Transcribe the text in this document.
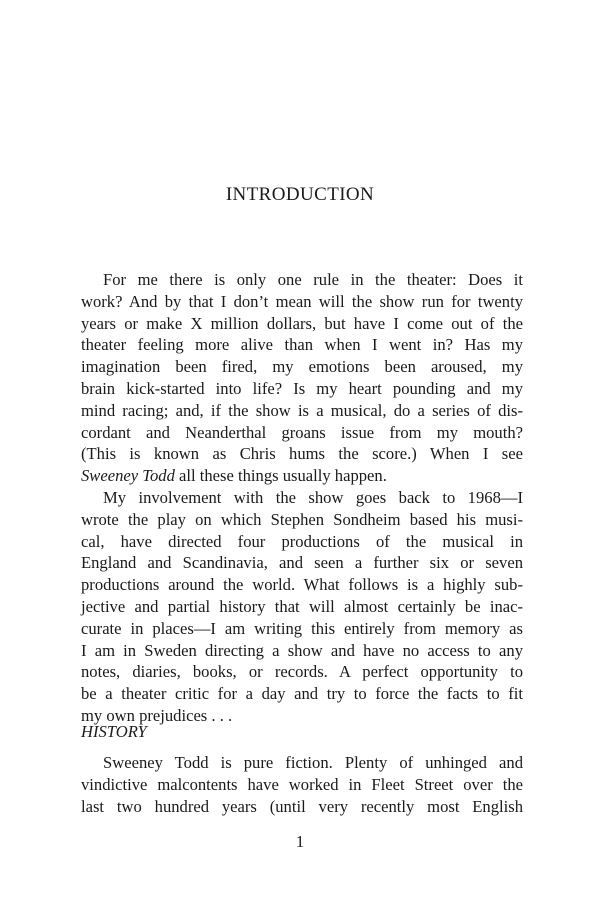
INTRODUCTION
For me there is only one rule in the theater: Does it
work? And by that I don’t mean will the show run for twenty
years or make X million dollars, but have I come out of the
theater feeling more alive than when I went in? Has my
imagination been fired, my emotions been aroused, my
brain kick-started into life? Is my heart pounding and my
mind racing; and, if the show is a musical, do a series of dis-
cordant and Neanderthal groans issue from my mouth?
(This is known as Chris hums the score.) When I see
Sweeney Todd all these things usually happen.
My involvement with the show goes back to 1968—I
wrote the play on which Stephen Sondheim based his musi-
cal, have directed four productions of the musical in
England and Scandinavia, and seen a further six or seven
productions around the world. What follows is a highly sub-
jective and partial history that will almost certainly be inac-
curate in places—I am writing this entirely from memory as
I am in Sweden directing a show and have no access to any
notes, diaries, books, or records. A perfect opportunity to
be a theater critic for a day and try to force the facts to fit
my own prejudices . . .
HISTORY
Sweeney Todd is pure fiction. Plenty of unhinged and
vindictive malcontents have worked in Fleet Street over the
last two hundred years (until very recently most English
1
